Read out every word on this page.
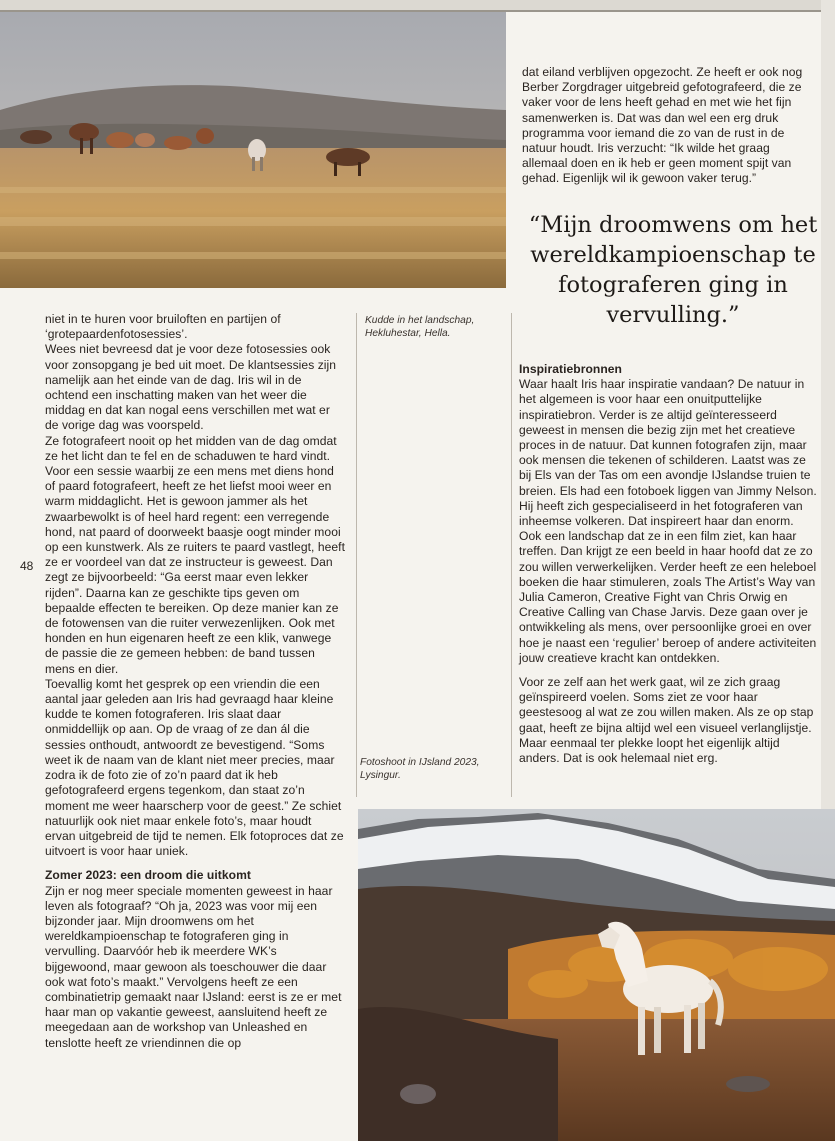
dat eiland verblijven opgezocht. Ze heeft er ook nog Berber Zorgdrager uitgebreid gefotografeerd, die ze vaker voor de lens heeft gehad en met wie het fijn samenwerken is. Dat was dan wel een erg druk programma voor iemand die zo van de rust in de natuur houdt. Iris verzucht: “Ik wilde het graag allemaal doen en ik heb er geen moment spijt van gehad. Eigenlijk wil ik gewoon vaker terug.”
“Mijn droomwens om het wereldkampioenschap te fotograferen ging in vervulling.”

niet in te huren voor bruiloften en partijen of ‘grotepaardenfotosessies’.

Wees niet bevreesd dat je voor deze fotosessies ook voor zonsopgang je bed uit moet. De klantsessies zijn namelijk aan het einde van de dag. Iris wil in de ochtend een inschatting maken van het weer die middag en dat kan nogal eens verschillen met wat er de vorige dag was voorspeld.

Ze fotografeert nooit op het midden van de dag omdat ze het licht dan te fel en de schaduwen te hard vindt. Voor een sessie waarbij ze een mens met diens hond of paard fotografeert, heeft ze het liefst mooi weer en warm middaglicht. Het is gewoon jammer als het zwaarbewolkt is of heel hard regent: een verregende hond, nat paard of doorweekt baasje oogt minder mooi op een kunstwerk. Als ze ruiters te paard vastlegt, heeft ze er voordeel van dat ze instructeur is geweest. Dan zegt ze bijvoorbeeld: “Ga eerst maar even lekker rijden”. Daarna kan ze geschikte tips geven om bepaalde effecten te bereiken. Op deze manier kan ze de fotowensen van die ruiter verwezenlijken. Ook met honden en hun eigenaren heeft ze een klik, vanwege de passie die ze gemeen hebben: de band tussen mens en dier.

Toevallig komt het gesprek op een vriendin die een aantal jaar geleden aan Iris had gevraagd haar kleine kudde te komen fotograferen. Iris slaat daar onmiddellijk op aan. Op de vraag of ze dan ál die sessies onthoudt, antwoordt ze bevestigend. “Soms weet ik de naam van de klant niet meer precies, maar zodra ik de foto zie of zo’n paard dat ik heb gefotografeerd ergens tegenkom, dan staat zo’n moment me weer haarscherp voor de geest.” Ze schiet natuurlijk ook niet maar enkele foto’s, maar houdt ervan uitgebreid de tijd te nemen. Elk fotoproces dat ze uitvoert is voor haar uniek.

Zomer 2023: een droom die uitkomt

Zijn er nog meer speciale momenten geweest in haar leven als fotograaf? “Oh ja, 2023 was voor mij een bijzonder jaar. Mijn droomwens om het wereldkampioenschap te fotograferen ging in vervulling. Daarvóór heb ik meerdere WK’s bijgewoond, maar gewoon als toeschouwer die daar ook wat foto’s maakt.” Vervolgens heeft ze een combinatietrip gemaakt naar IJsland: eerst is ze er met haar man op vakantie geweest, aansluitend heeft ze meegedaan aan de workshop van Unleashed en tenslotte heeft ze vriendinnen die op

48
Kudde in het landschap, Hekluhestar, Hella.
Fotoshoot in IJsland 2023, Lysingur.
Inspiratiebronnen

Waar haalt Iris haar inspiratie vandaan? De natuur in het algemeen is voor haar een onuitputtelijke inspiratiebron. Verder is ze altijd geïnteresseerd geweest in mensen die bezig zijn met het creatieve proces in de natuur. Dat kunnen fotografen zijn, maar ook mensen die tekenen of schilderen. Laatst was ze bij Els van der Tas om een avondje IJslandse truien te breien. Els had een fotoboek liggen van Jimmy Nelson. Hij heeft zich gespecialiseerd in het fotograferen van inheemse volkeren. Dat inspireert haar dan enorm. Ook een landschap dat ze in een film ziet, kan haar treffen. Dan krijgt ze een beeld in haar hoofd dat ze zo zou willen verwerkelijken. Verder heeft ze een heleboel boeken die haar stimuleren, zoals The Artist’s Way van Julia Cameron, Creative Fight van Chris Orwig en Creative Calling van Chase Jarvis. Deze gaan over je ontwikkeling als mens, over persoonlijke groei en over hoe je naast een ‘regulier’ beroep of andere activiteiten jouw creatieve kracht kan ontdekken.

Voor ze zelf aan het werk gaat, wil ze zich graag geïnspireerd voelen. Soms ziet ze voor haar geestesoog al wat ze zou willen maken. Als ze op stap gaat, heeft ze bijna altijd wel een visueel verlanglijstje. Maar eenmaal ter plekke loopt het eigenlijk altijd anders. Dat is ook helemaal niet erg.
